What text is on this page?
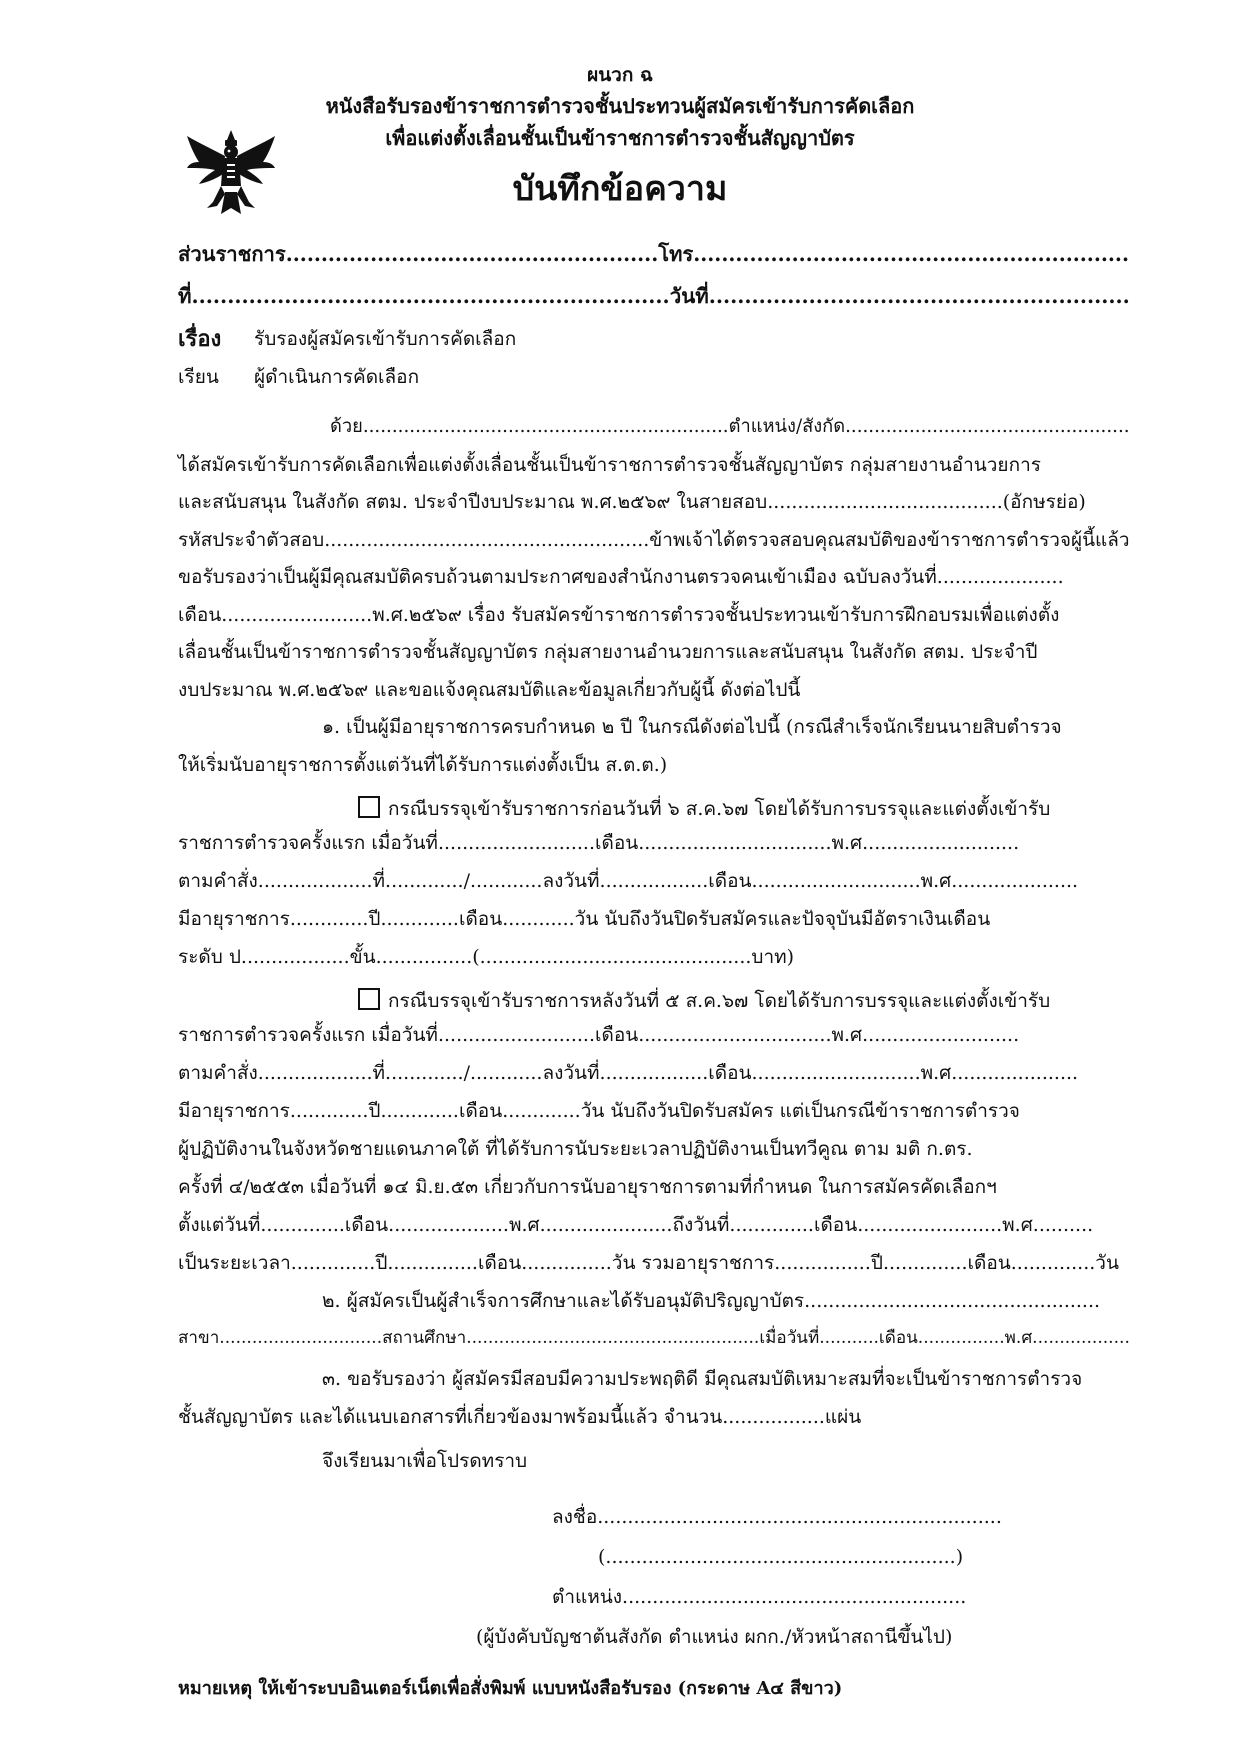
ผนวก ฉ
หนังสือรับรองข้าราชการตำรวจชั้นประทวนผู้สมัครเข้ารับการคัดเลือก
เพื่อแต่งตั้งเลื่อนชั้นเป็นข้าราชการตำรวจชั้นสัญญาบัตร
บันทึกข้อความ
ส่วนราชการ.....................................................โทร..............................................................
ที่...................................................................วันที่...........................................................
เรื่อง รับรองผู้สมัครเข้ารับการคัดเลือก
เรียน ผู้ดำเนินการคัดเลือก
ด้วย...............................................................ตำแหน่ง/สังกัด.................................................
ได้สมัครเข้ารับการคัดเลือกเพื่อแต่งตั้งเลื่อนชั้นเป็นข้าราชการตำรวจชั้นสัญญาบัตร กลุ่มสายงานอำนวยการ
และสนับสนุน ในสังกัด สตม. ประจำปีงบประมาณ พ.ศ.๒๕๖๙ ในสายสอบ.......................................(อักษรย่อ)
รหัสประจำตัวสอบ......................................................ข้าพเจ้าได้ตรวจสอบคุณสมบัติของข้าราชการตำรวจผู้นี้แล้ว
ขอรับรองว่าเป็นผู้มีคุณสมบัติครบถ้วนตามประกาศของสำนักงานตรวจคนเข้าเมือง ฉบับลงวันที่.....................
เดือน.........................พ.ศ.๒๕๖๙ เรื่อง รับสมัครข้าราชการตำรวจชั้นประทวนเข้ารับการฝึกอบรมเพื่อแต่งตั้ง
เลื่อนชั้นเป็นข้าราชการตำรวจชั้นสัญญาบัตร กลุ่มสายงานอำนวยการและสนับสนุน ในสังกัด สตม. ประจำปี
งบประมาณ พ.ศ.๒๕๖๙ และขอแจ้งคุณสมบัติและข้อมูลเกี่ยวกับผู้นี้ ดังต่อไปนี้
๑. เป็นผู้มีอายุราชการครบกำหนด ๒ ปี ในกรณีดังต่อไปนี้ (กรณีสำเร็จนักเรียนนายสิบตำรวจ
ให้เริ่มนับอายุราชการตั้งแต่วันที่ได้รับการแต่งตั้งเป็น ส.ต.ต.)
กรณีบรรจุเข้ารับราชการก่อนวันที่ ๖ ส.ค.๖๗ โดยได้รับการบรรจุและแต่งตั้งเข้ารับ
ราชการตำรวจครั้งแรก เมื่อวันที่..........................เดือน................................พ.ศ..........................
ตามคำสั่ง...................ที่............./............ลงวันที่..................เดือน............................พ.ศ.....................
มีอายุราชการ.............ปี.............เดือน............วัน นับถึงวันปิดรับสมัครและปัจจุบันมีอัตราเงินเดือน
ระดับ ป..................ขั้น................(.............................................บาท)
กรณีบรรจุเข้ารับราชการหลังวันที่ ๕ ส.ค.๖๗ โดยได้รับการบรรจุและแต่งตั้งเข้ารับ
ราชการตำรวจครั้งแรก เมื่อวันที่..........................เดือน................................พ.ศ..........................
ตามคำสั่ง...................ที่............./............ลงวันที่..................เดือน............................พ.ศ.....................
มีอายุราชการ.............ปี.............เดือน.............วัน นับถึงวันปิดรับสมัคร แต่เป็นกรณีข้าราชการตำรวจ
ผู้ปฏิบัติงานในจังหวัดชายแดนภาคใต้ ที่ได้รับการนับระยะเวลาปฏิบัติงานเป็นทวีคูณ ตาม มติ ก.ตร.
ครั้งที่ ๔/๒๕๕๓ เมื่อวันที่ ๑๔ มิ.ย.๕๓ เกี่ยวกับการนับอายุราชการตามที่กำหนด ในการสมัครคัดเลือกฯ
ตั้งแต่วันที่..............เดือน....................พ.ศ......................ถึงวันที่..............เดือน........................พ.ศ..........
เป็นระยะเวลา..............ปี...............เดือน...............วัน รวมอายุราชการ................ปี..............เดือน..............วัน
๒. ผู้สมัครเป็นผู้สำเร็จการศึกษาและได้รับอนุมัติปริญญาบัตร.................................................
สาขา..............................สถานศึกษา......................................................เมื่อวันที่...........เดือน................พ.ศ..................
๓. ขอรับรองว่า ผู้สมัครมีสอบมีความประพฤติดี มีคุณสมบัติเหมาะสมที่จะเป็นข้าราชการตำรวจ
ชั้นสัญญาบัตร และได้แนบเอกสารที่เกี่ยวข้องมาพร้อมนี้แล้ว จำนวน.................แผ่น
จึงเรียนมาเพื่อโปรดทราบ
ลงชื่อ...................................................................
(..........................................................)
ตำแหน่ง.........................................................
(ผู้บังคับบัญชาต้นสังกัด ตำแหน่ง ผกก./หัวหน้าสถานีขึ้นไป)
หมายเหตุ ให้เข้าระบบอินเตอร์เน็ตเพื่อสั่งพิมพ์ แบบหนังสือรับรอง (กระดาษ A๔ สีขาว)
